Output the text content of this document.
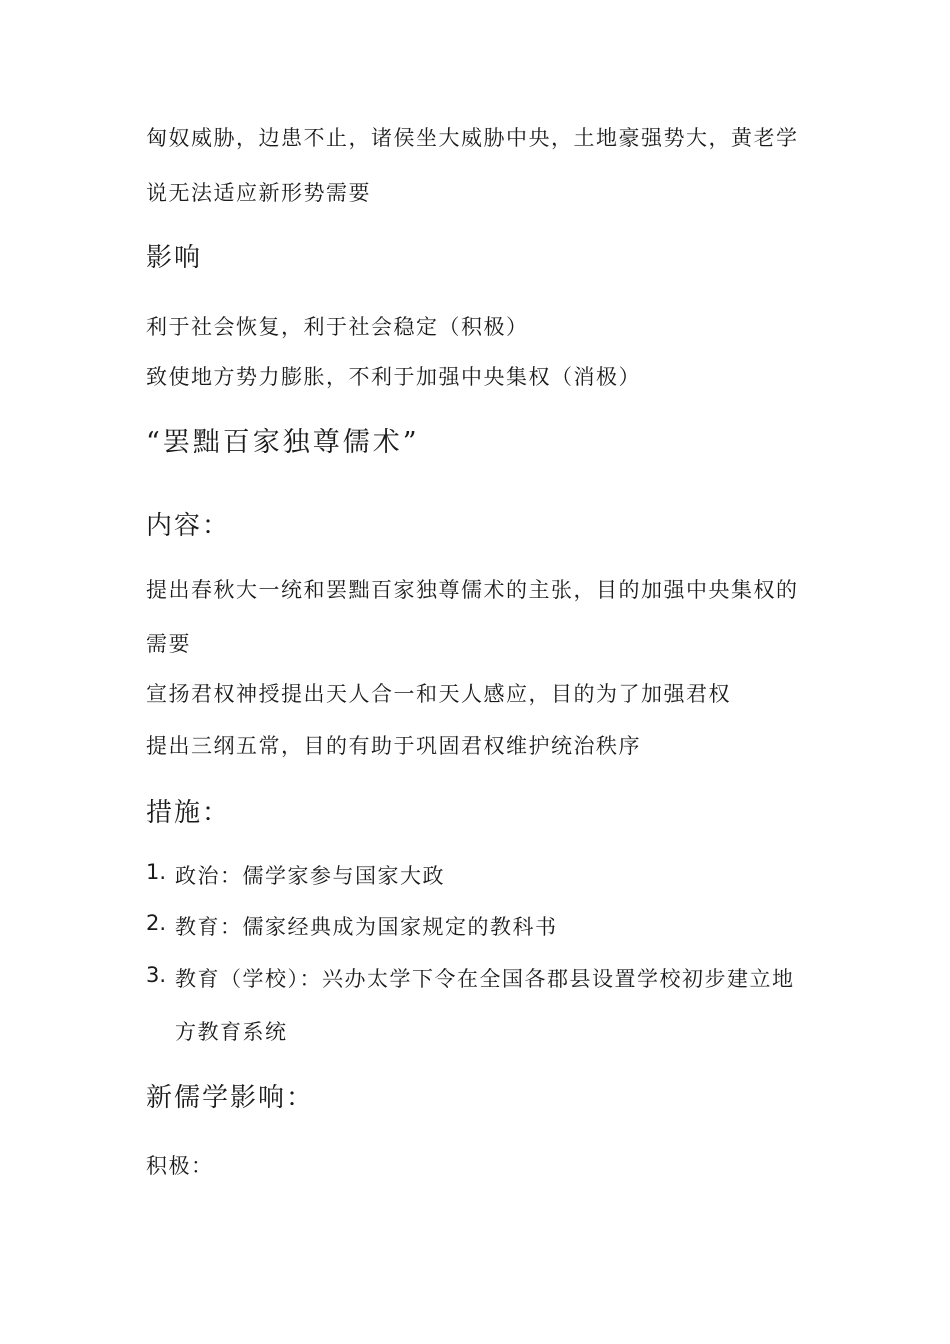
匈奴威胁，边患不止，诸侯坐大威胁中央，土地豪强势大，黄老学
说无法适应新形势需要
影响
利于社会恢复，利于社会稳定（积极）
致使地方势力膨胀，不利于加强中央集权（消极）
“罢黜百家独尊儒术”
内容：
提出春秋大一统和罢黜百家独尊儒术的主张，目的加强中央集权的
需要
宣扬君权神授提出天人合一和天人感应，目的为了加强君权
提出三纲五常，目的有助于巩固君权维护统治秩序
措施：
1. 政治：儒学家参与国家大政
2. 教育：儒家经典成为国家规定的教科书
3. 教育（学校）：兴办太学下令在全国各郡县设置学校初步建立地
方教育系统
新儒学影响：
积极：
